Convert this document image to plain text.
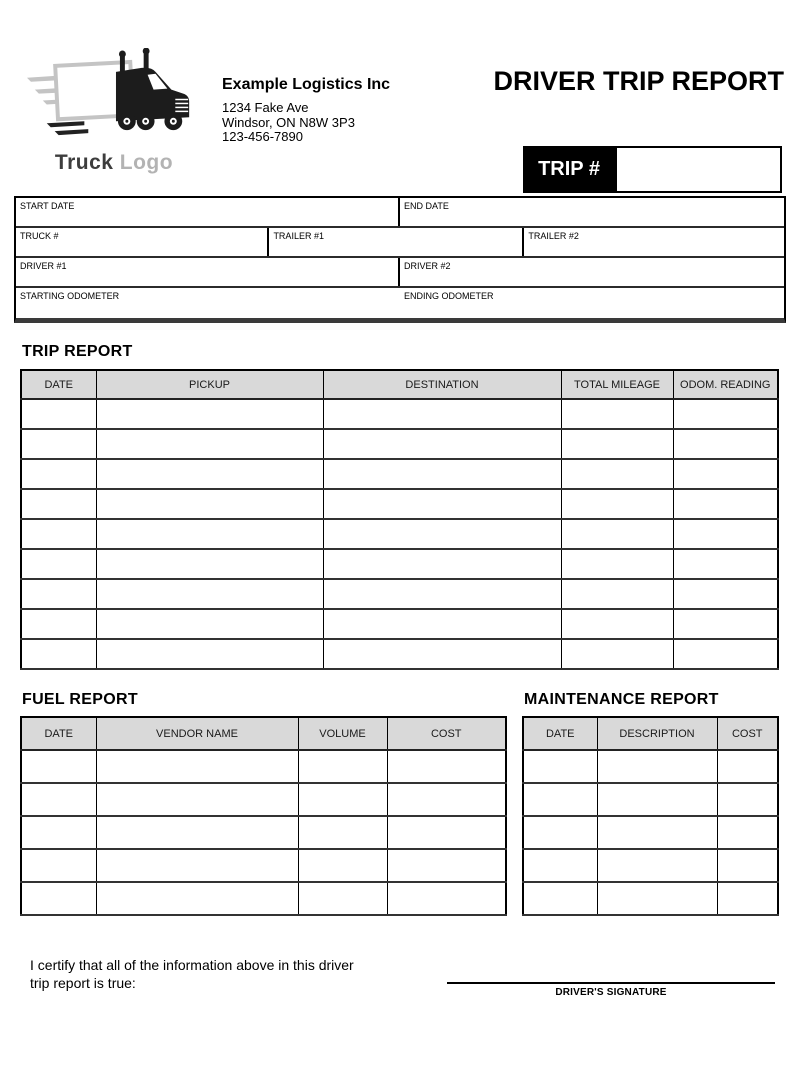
Truck Logo
Example Logistics Inc
1234 Fake Ave
Windsor, ON N8W 3P3
123-456-7890
DRIVER TRIP REPORT
TRIP #
START DATE	END DATE
TRUCK #	TRAILER #1	TRAILER #2
DRIVER #1	DRIVER #2
STARTING ODOMETER	ENDING ODOMETER
TRIP REPORT
DATE	PICKUP	DESTINATION	TOTAL MILEAGE	ODOM. READING

FUEL REPORT
DATE	VENDOR NAME	VOLUME	COST

MAINTENANCE REPORT
DATE	DESCRIPTION	COST

I certify that all of the information above in this driver trip report is true:
DRIVER'S SIGNATURE
